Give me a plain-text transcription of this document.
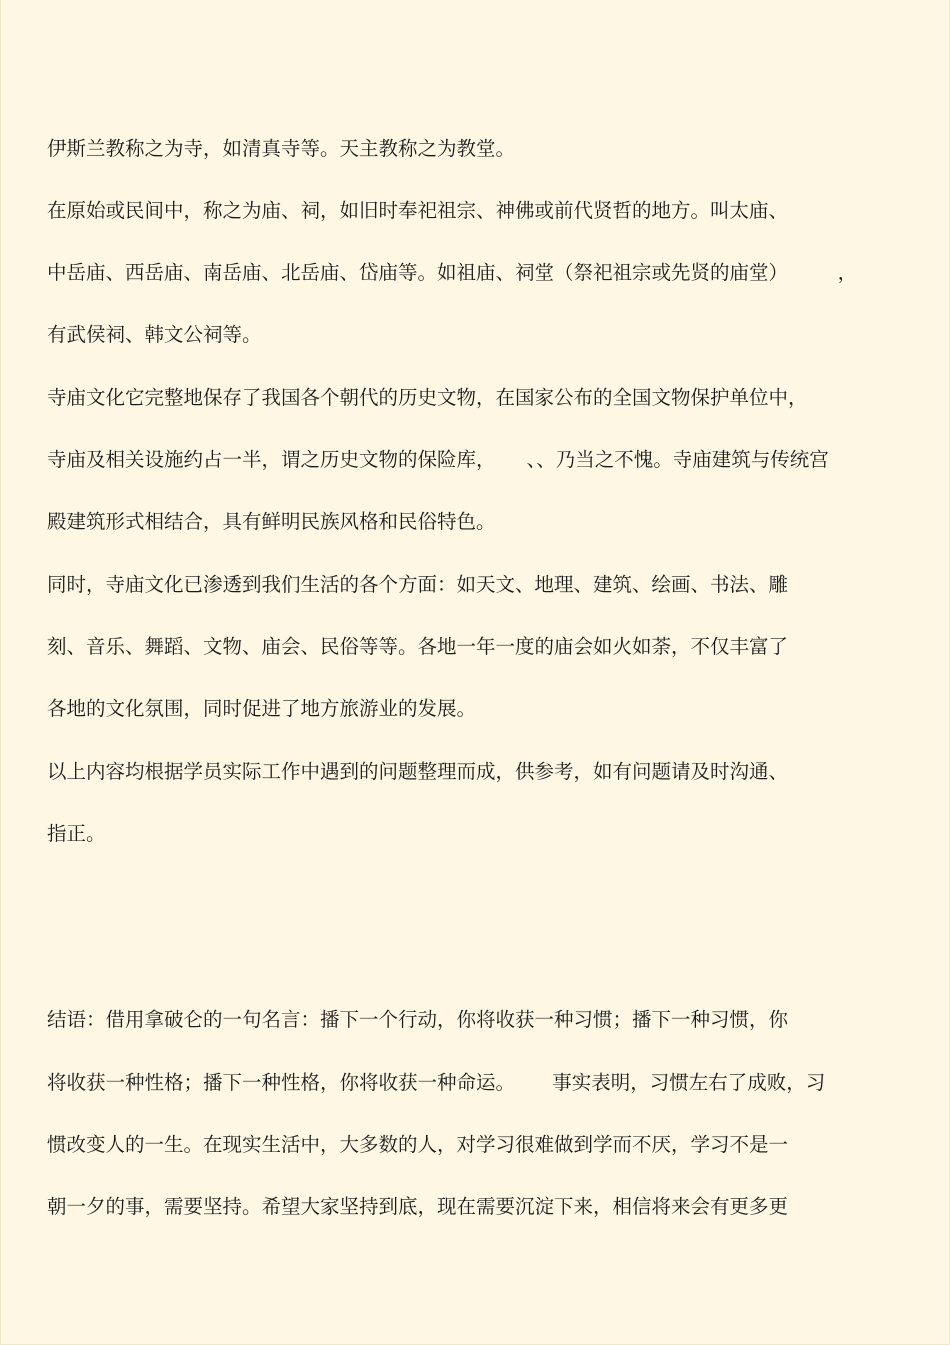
伊斯兰教称之为寺，如清真寺等。天主教称之为教堂。

在原始或民间中，称之为庙、祠，如旧时奉祀祖宗、神佛或前代贤哲的地方。叫太庙、

中岳庙、西岳庙、南岳庙、北岳庙、岱庙等。如祖庙、祠堂（祭祀祖宗或先贤的庙堂）        ，

有武侯祠、韩文公祠等。

寺庙文化它完整地保存了我国各个朝代的历史文物，在国家公布的全国文物保护单位中，

寺庙及相关设施约占一半，谓之历史文物的保险库，     、、乃当之不愧。寺庙建筑与传统宫

殿建筑形式相结合，具有鲜明民族风格和民俗特色。

同时，寺庙文化已渗透到我们生活的各个方面：如天文、地理、建筑、绘画、书法、雕

刻、音乐、舞蹈、文物、庙会、民俗等等。各地一年一度的庙会如火如荼，不仅丰富了

各地的文化氛围，同时促进了地方旅游业的发展。

以上内容均根据学员实际工作中遇到的问题整理而成，供参考，如有问题请及时沟通、

指正。

结语：借用拿破仑的一句名言：播下一个行动，你将收获一种习惯；播下一种习惯，你

将收获一种性格；播下一种性格，你将收获一种命运。      事实表明，习惯左右了成败，习

惯改变人的一生。在现实生活中，大多数的人，对学习很难做到学而不厌，学习不是一

朝一夕的事，需要坚持。希望大家坚持到底，现在需要沉淀下来，相信将来会有更多更
